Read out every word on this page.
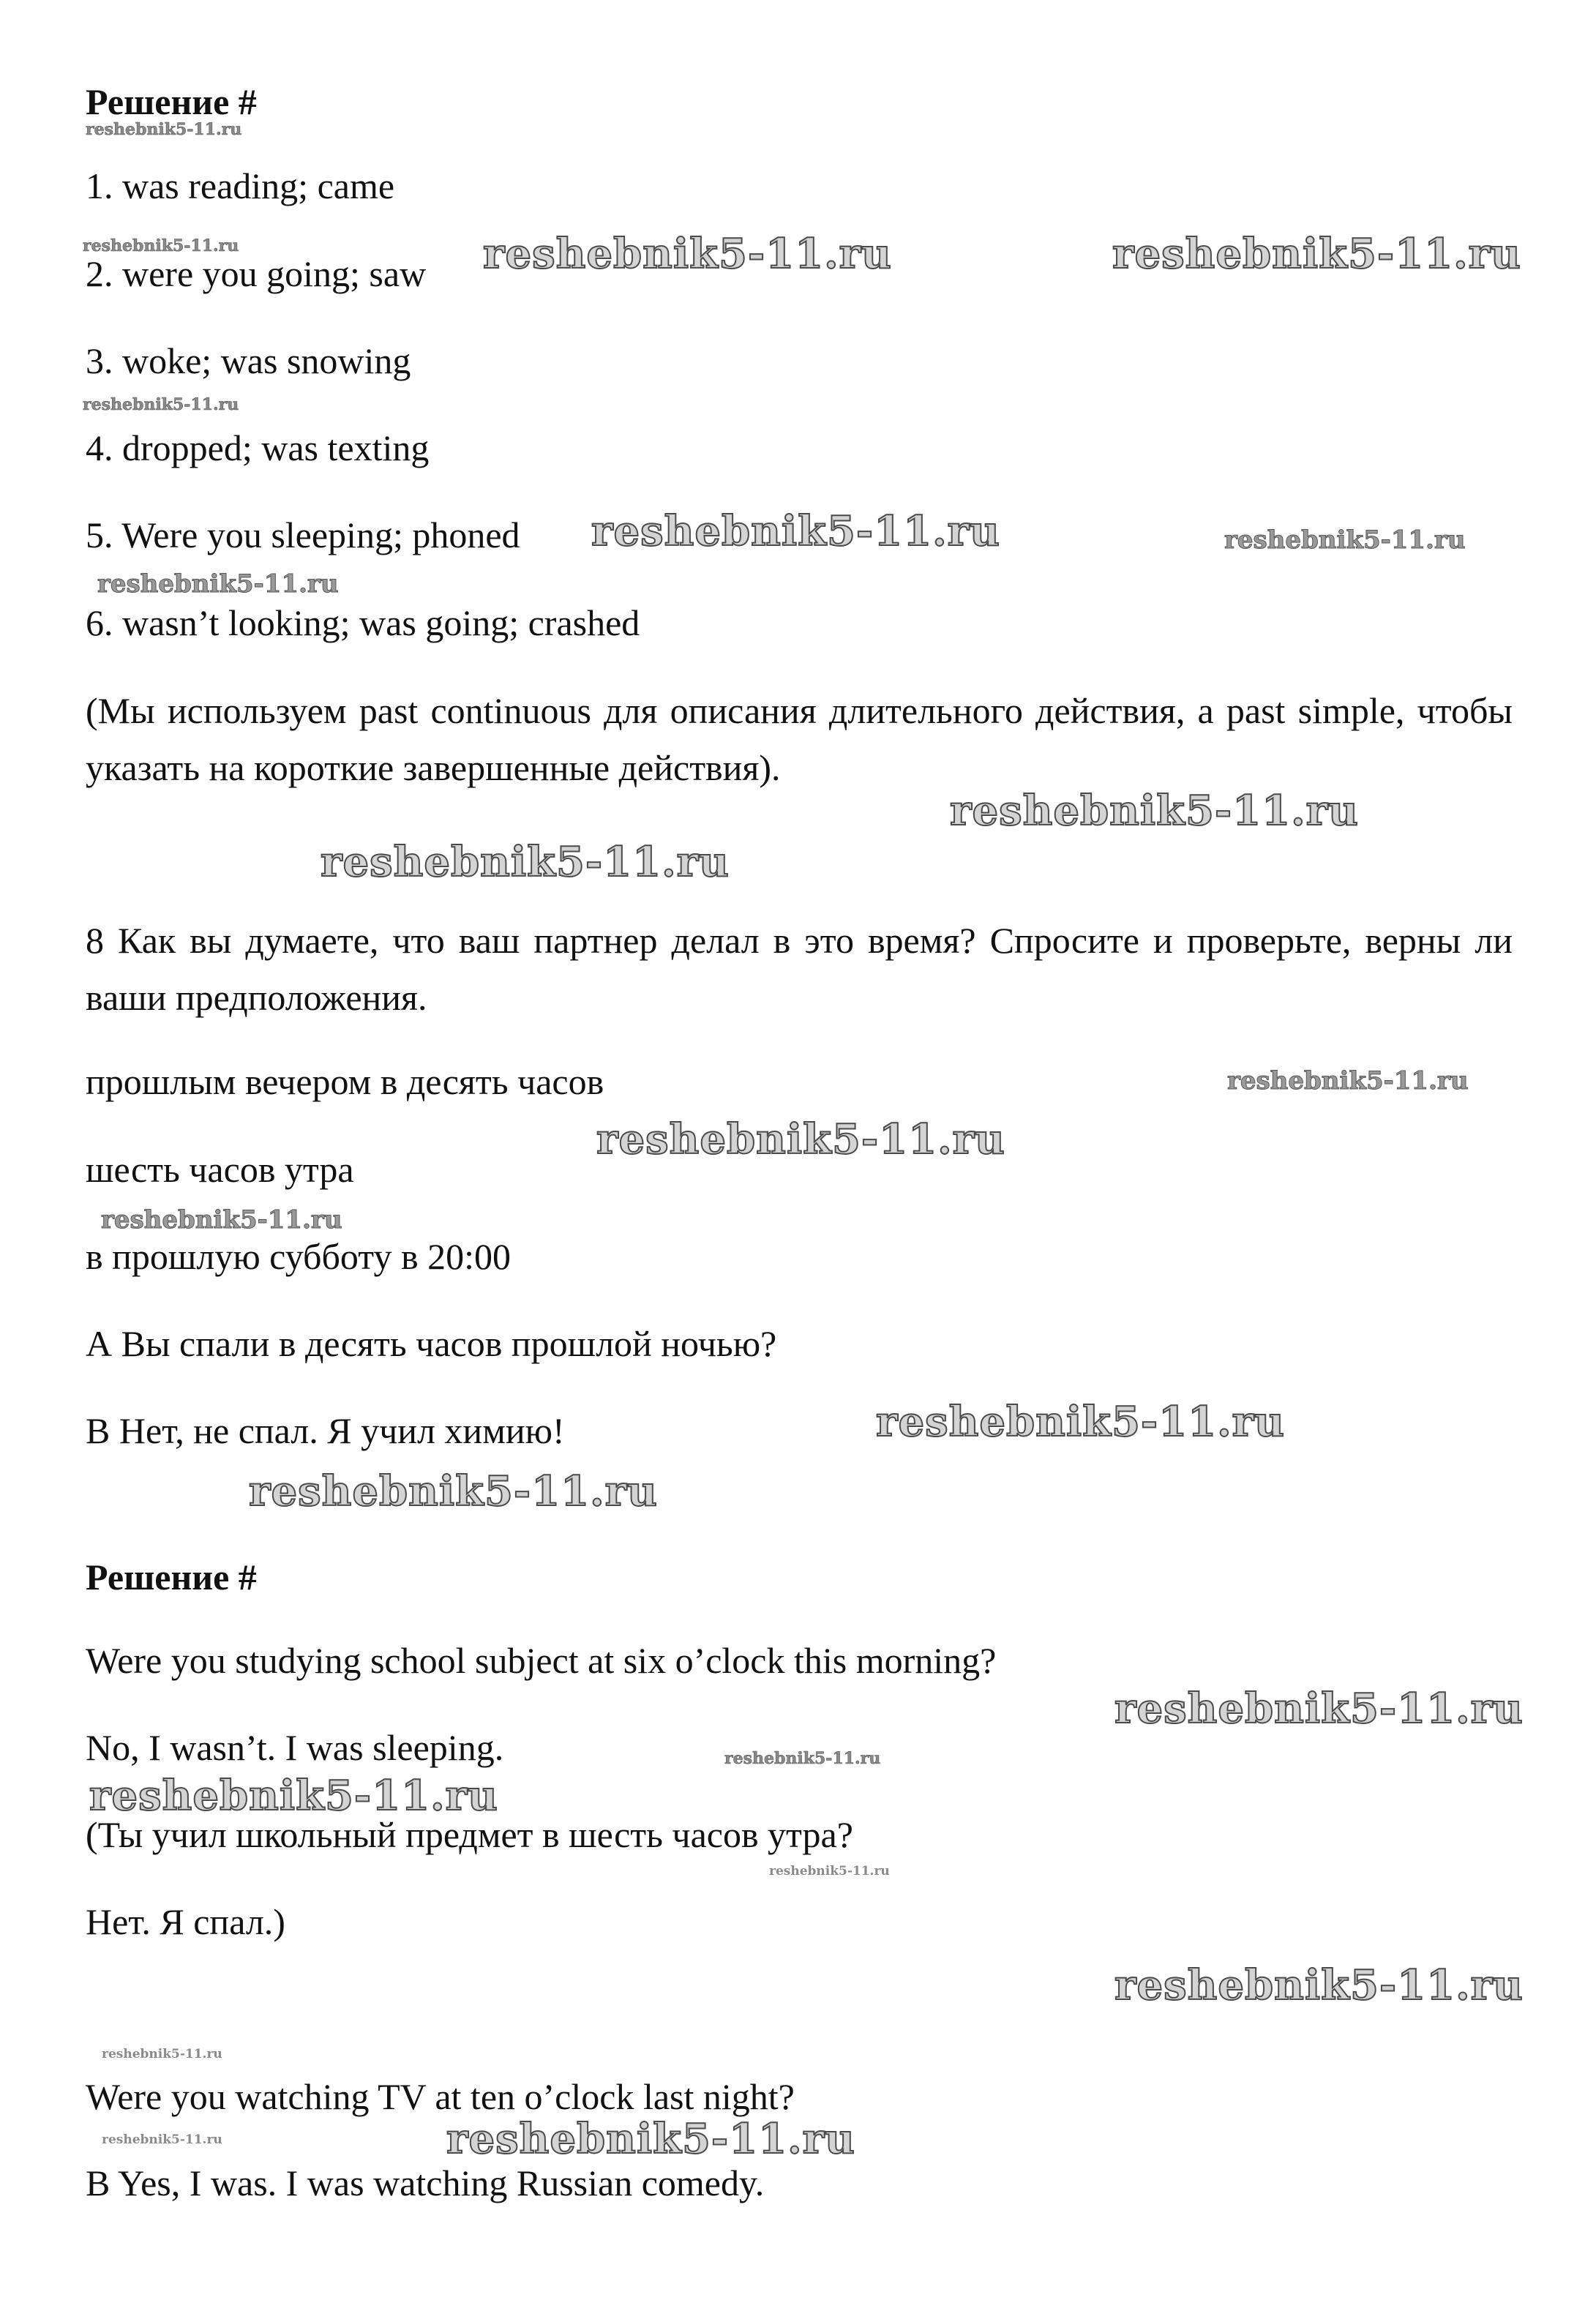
Решение #
1. was reading; came
2. were you going; saw
3. woke; was snowing
4. dropped; was texting
5. Were you sleeping; phoned
6. wasn’t looking; was going; crashed
(Мы используем past continuous для описания длительного действия, а past simple, чтобы указать на короткие завершенные действия).
8 Как вы думаете, что ваш партнер делал в это время? Спросите и проверьте, верны ли ваши предположения.
прошлым вечером в десять часов
шесть часов утра
в прошлую субботу в 20:00
А Вы спали в десять часов прошлой ночью?
В Нет, не спал. Я учил химию!
Решение #
Were you studying school subject at six o’clock this morning?
No, I wasn’t. I was sleeping.
(Ты учил школьный предмет в шесть часов утра?
Нет. Я спал.)
Were you watching TV at ten o’clock last night?
B Yes, I was. I was watching Russian comedy.
reshebnik5-11.ru
reshebnik5-11.ru	reshebnik5-11.ru	reshebnik5-11.ru
reshebnik5-11.ru
reshebnik5-11.ru	reshebnik5-11.ru
reshebnik5-11.ru
reshebnik5-11.ru
reshebnik5-11.ru
reshebnik5-11.ru
reshebnik5-11.ru
reshebnik5-11.ru
reshebnik5-11.ru
reshebnik5-11.ru
reshebnik5-11.ru
reshebnik5-11.ru
reshebnik5-11.ru
reshebnik5-11.ru
reshebnik5-11.ru
reshebnik5-11.ru
reshebnik5-11.ru	reshebnik5-11.ru
